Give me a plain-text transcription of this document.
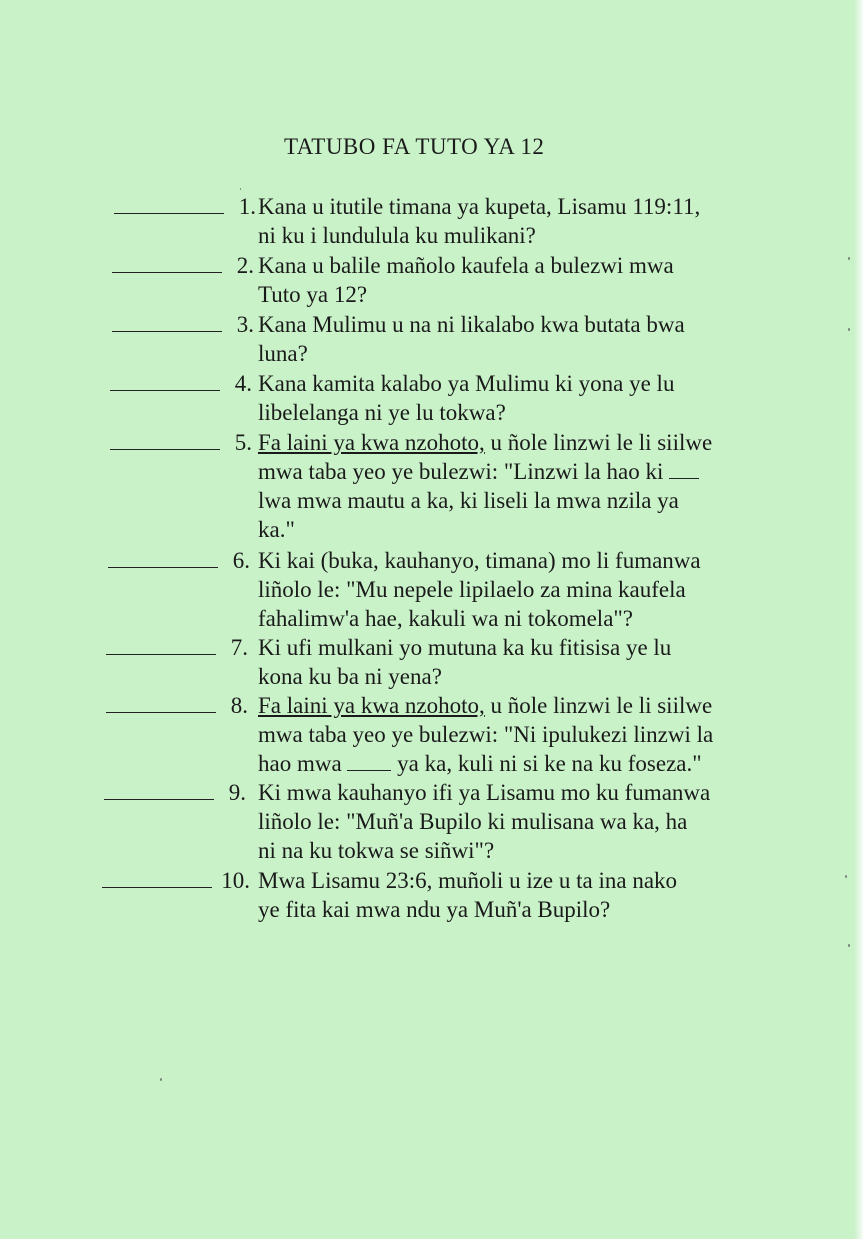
TATUBO FA TUTO YA 12
1. Kana u itutile timana ya kupeta, Lisamu 119:11,
ni ku i lundulula ku mulikani?
2. Kana u balile mañolo kaufela a bulezwi mwa
Tuto ya 12?
3. Kana Mulimu u na ni likalabo kwa butata bwa
luna?
4. Kana kamita kalabo ya Mulimu ki yona ye lu
libelelanga ni ye lu tokwa?
5. Fa laini ya kwa nzohoto, u ñole linzwi le li siilwe
mwa taba yeo ye bulezwi: "Linzwi la hao ki
lwa mwa mautu a ka, ki liseli la mwa nzila ya
ka."
6. Ki kai (buka, kauhanyo, timana) mo li fumanwa
liñolo le: "Mu nepele lipilaelo za mina kaufela
fahalimw'a hae, kakuli wa ni tokomela"?
7. Ki ufi mulkani yo mutuna ka ku fitisisa ye lu
kona ku ba ni yena?
8. Fa laini ya kwa nzohoto, u ñole linzwi le li siilwe
mwa taba yeo ye bulezwi: "Ni ipulukezi linzwi la
hao mwa ya ka, kuli ni si ke na ku foseza."
9. Ki mwa kauhanyo ifi ya Lisamu mo ku fumanwa
liñolo le: "Muñ'a Bupilo ki mulisana wa ka, ha
ni na ku tokwa se siñwi"?
10. Mwa Lisamu 23:6, muñoli u ize u ta ina nako
ye fita kai mwa ndu ya Muñ'a Bupilo?
